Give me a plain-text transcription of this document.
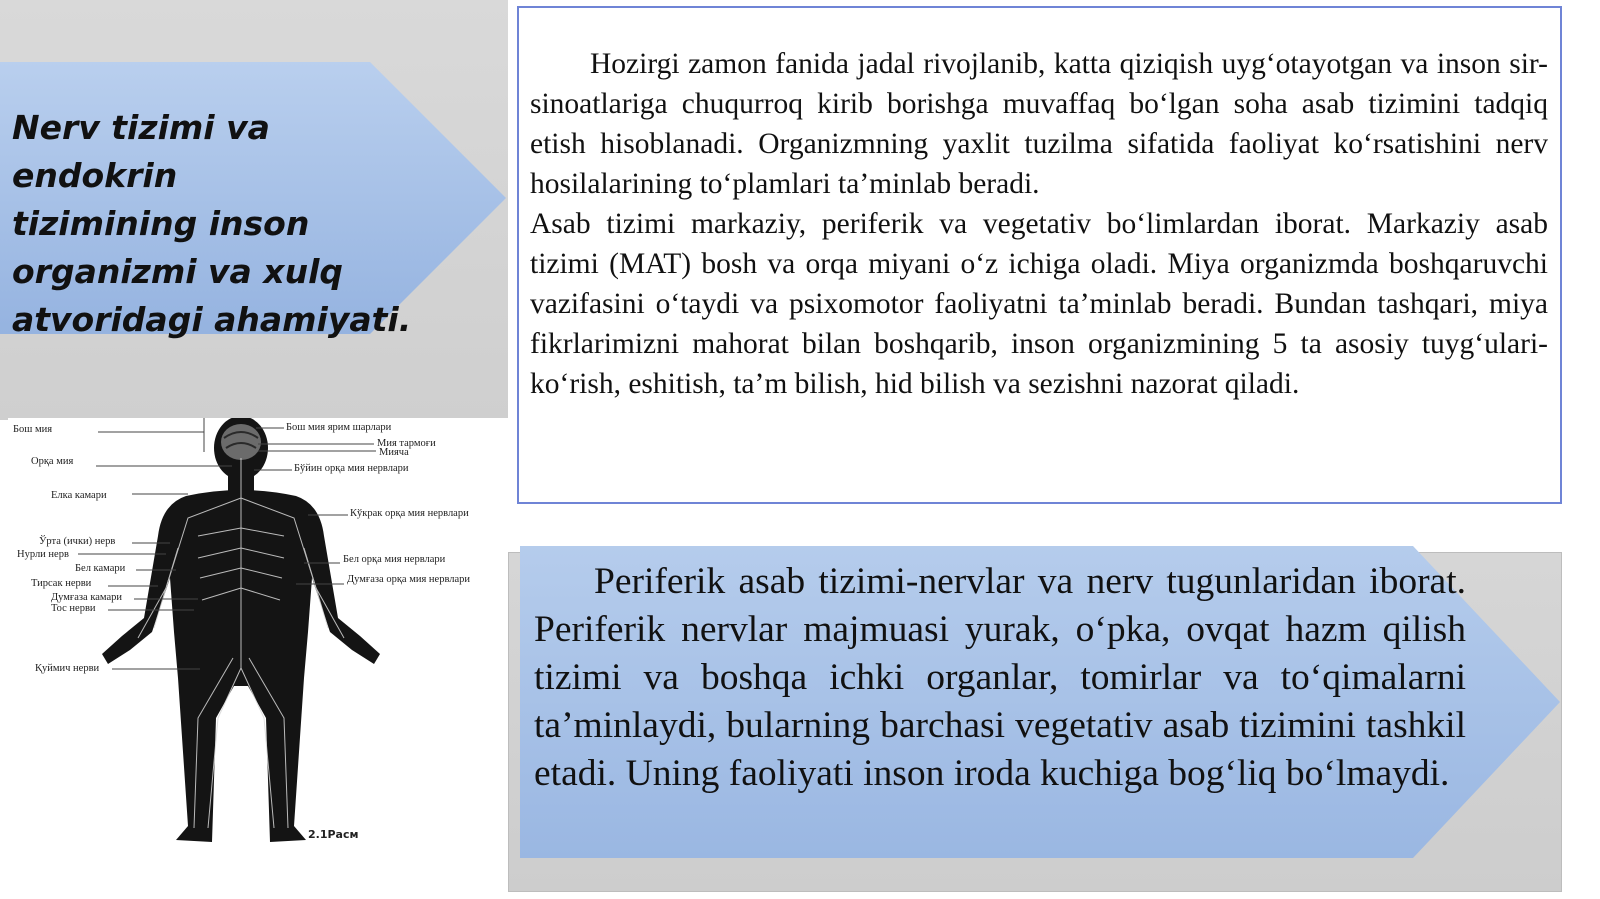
Nerv tizimi va endokrin
tizimining inson
organizmi va xulq
atvoridagi ahamiyati.

Hozirgi zamon fanida jadal rivojlanib, katta qiziqish uyg‘otayotgan va inson sir-sinoatlariga chuqurroq kirib borishga muvaffaq bo‘lgan soha asab tizimini tadqiq etish hisoblanadi. Organizmning yaxlit tuzilma sifatida faoliyat ko‘rsatishini nerv hosilalarining to‘plamlari ta’minlab beradi.

Asab tizimi markaziy, periferik va vegetativ bo‘limlardan iborat. Markaziy asab tizimi (MAT) bosh va orqa miyani o‘z ichiga oladi. Miya organizmda boshqaruvchi vazifasini o‘taydi va psixomotor faoliyatni ta’minlab beradi. Bundan tashqari, miya fikrlarimizni mahorat bilan boshqarib, inson organizmining 5 ta asosiy tuyg‘ulari-ko‘rish, eshitish, ta’m bilish, hid bilish va sezishni nazorat qiladi.

Бош мия
Орқа мия
Елка камари
Ўрта (ички) нерв
Нурли нерв
Бел камари
Тирсак нерви
Думғаза камари
Тос нерви
Қуймич нерви
Бош мия ярим шарлари
Мия тармоғи
Миячa
Бўйин орқа мия нервлари
Кўкрак орқа мия нервлари
Бел орқа мия нервлари
Думғаза орқа мия нервлари
2.1Расм
Periferik asab tizimi-nervlar va nerv tugunlaridan iborat. Periferik nervlar majmuasi yurak, o‘pka, ovqat hazm qilish tizimi va boshqa ichki organlar, tomirlar va to‘qimalarni ta’minlaydi, bularning barchasi vegetativ asab tizimini tashkil etadi. Uning faoliyati inson iroda kuchiga bog‘liq bo‘lmaydi.
